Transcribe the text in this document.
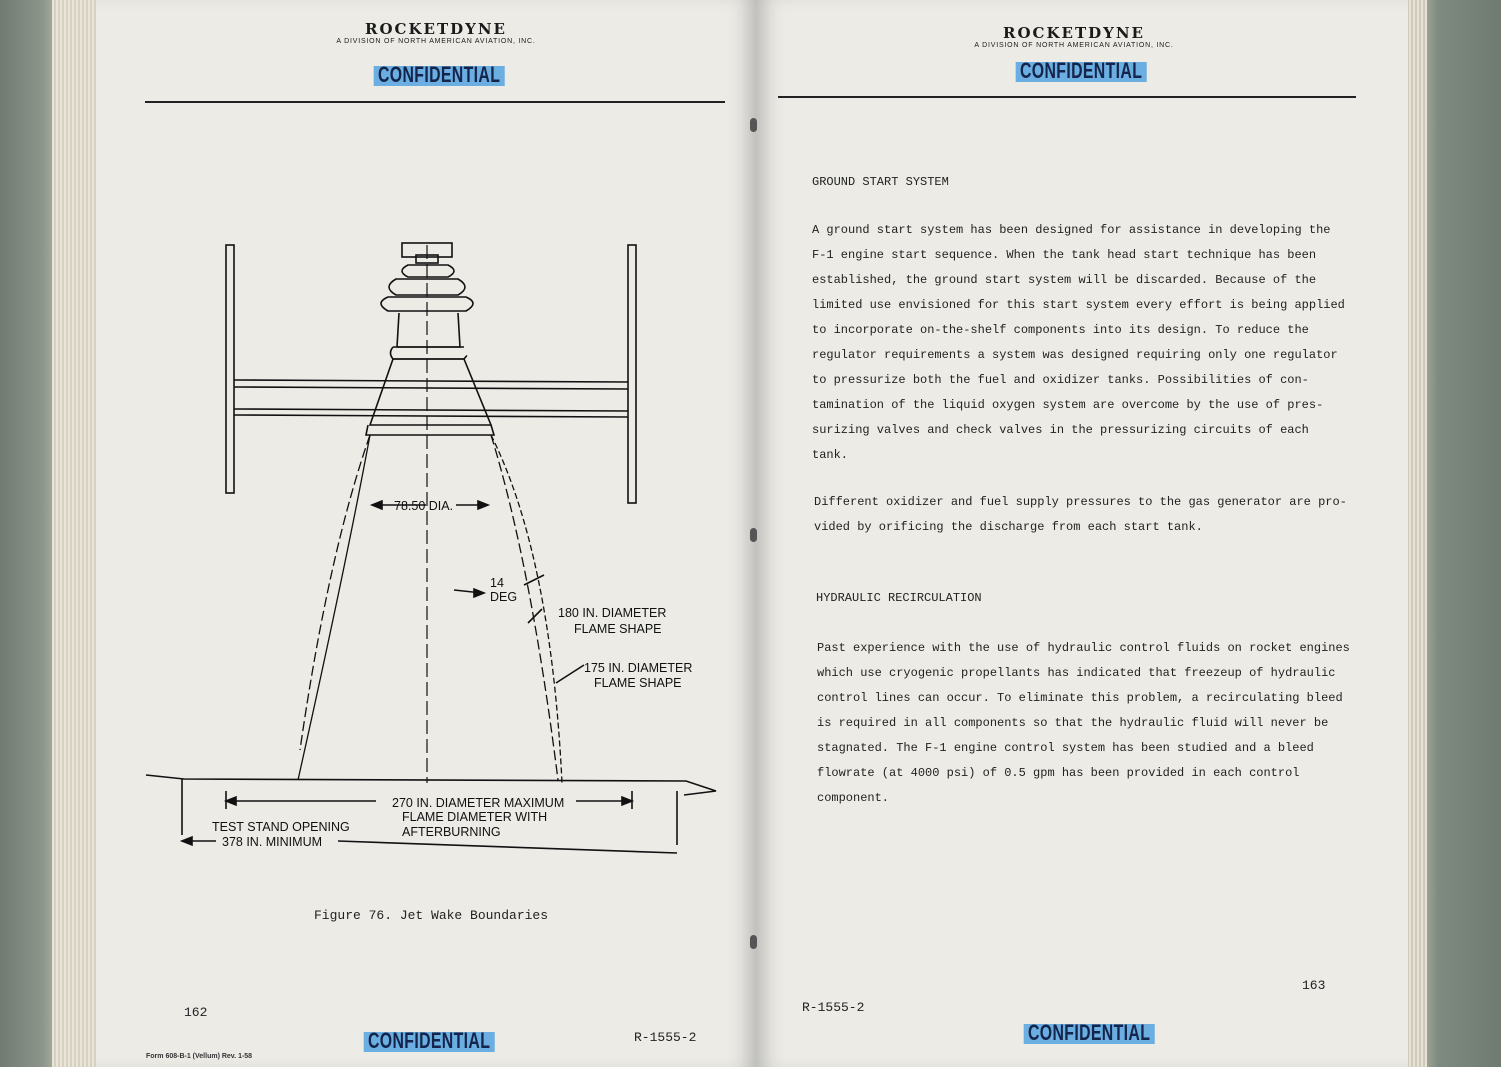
ROCKETDYNE
A DIVISION OF NORTH AMERICAN AVIATION, INC.
CONFIDENTIAL
78.50 DIA.
14
DEG
180 IN. DIAMETER
FLAME SHAPE
175 IN. DIAMETER
FLAME SHAPE
270 IN. DIAMETER MAXIMUM
FLAME DIAMETER WITH
AFTERBURNING
TEST STAND OPENING
378 IN. MINIMUM
Figure 76. Jet Wake Boundaries
162
CONFIDENTIAL	R-1555-2
Form 608-B-1 (Vellum) Rev. 1-58
ROCKETDYNE
A DIVISION OF NORTH AMERICAN AVIATION, INC.
CONFIDENTIAL
GROUND START SYSTEM
A ground start system has been designed for assistance in developing the
F-1 engine start sequence. When the tank head start technique has been
established, the ground start system will be discarded. Because of the
limited use envisioned for this start system every effort is being applied
to incorporate on-the-shelf components into its design. To reduce the
regulator requirements a system was designed requiring only one regulator
to pressurize both the fuel and oxidizer tanks. Possibilities of con-
tamination of the liquid oxygen system are overcome by the use of pres-
surizing valves and check valves in the pressurizing circuits of each
tank.
Different oxidizer and fuel supply pressures to the gas generator are pro-
vided by orificing the discharge from each start tank.
HYDRAULIC RECIRCULATION
Past experience with the use of hydraulic control fluids on rocket engines
which use cryogenic propellants has indicated that freezeup of hydraulic
control lines can occur. To eliminate this problem, a recirculating bleed
is required in all components so that the hydraulic fluid will never be
stagnated. The F-1 engine control system has been studied and a bleed
flowrate (at 4000 psi) of 0.5 gpm has been provided in each control
component.
163
R-1555-2
CONFIDENTIAL
